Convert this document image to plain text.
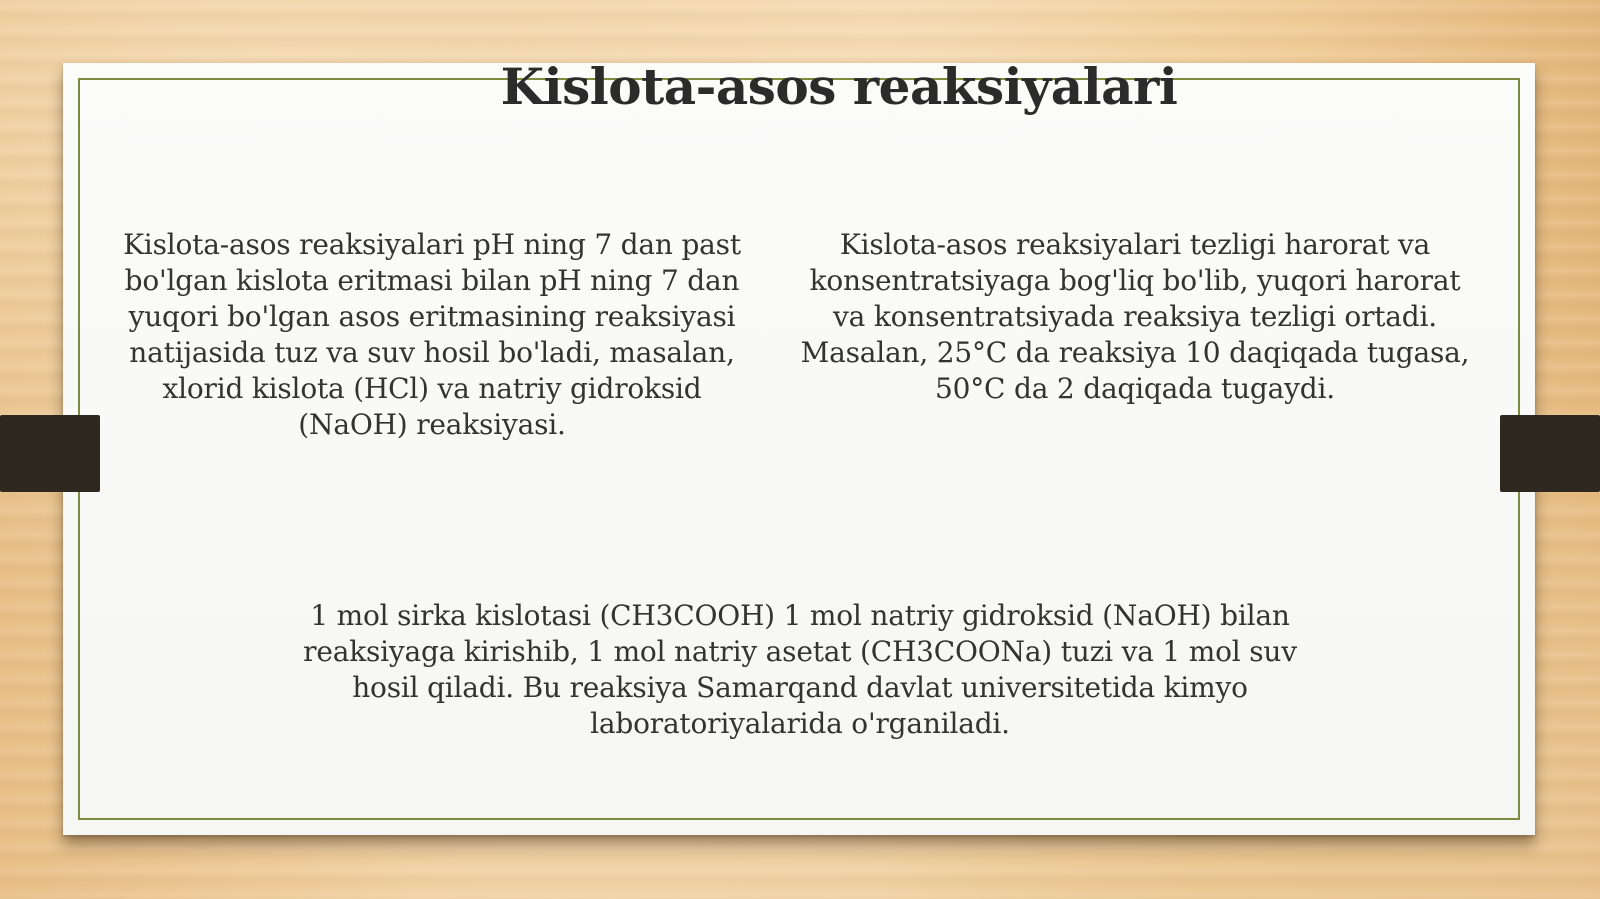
Kislota-asos reaksiyalari

Kislota-asos reaksiyalari pH ning 7 dan past bo'lgan kislota eritmasi bilan pH ning 7 dan yuqori bo'lgan asos eritmasining reaksiyasi natijasida tuz va suv hosil bo'ladi, masalan, xlorid kislota (HCl) va natriy gidroksid (NaOH) reaksiyasi.

Kislota-asos reaksiyalari tezligi harorat va konsentratsiyaga bog'liq bo'lib, yuqori harorat va konsentratsiyada reaksiya tezligi ortadi. Masalan, 25°C da reaksiya 10 daqiqada tugasa, 50°C da 2 daqiqada tugaydi.

1 mol sirka kislotasi (CH3COOH) 1 mol natriy gidroksid (NaOH) bilan reaksiyaga kirishib, 1 mol natriy asetat (CH3COONa) tuzi va 1 mol suv hosil qiladi. Bu reaksiya Samarqand davlat universitetida kimyo laboratoriyalarida o'rganiladi.
